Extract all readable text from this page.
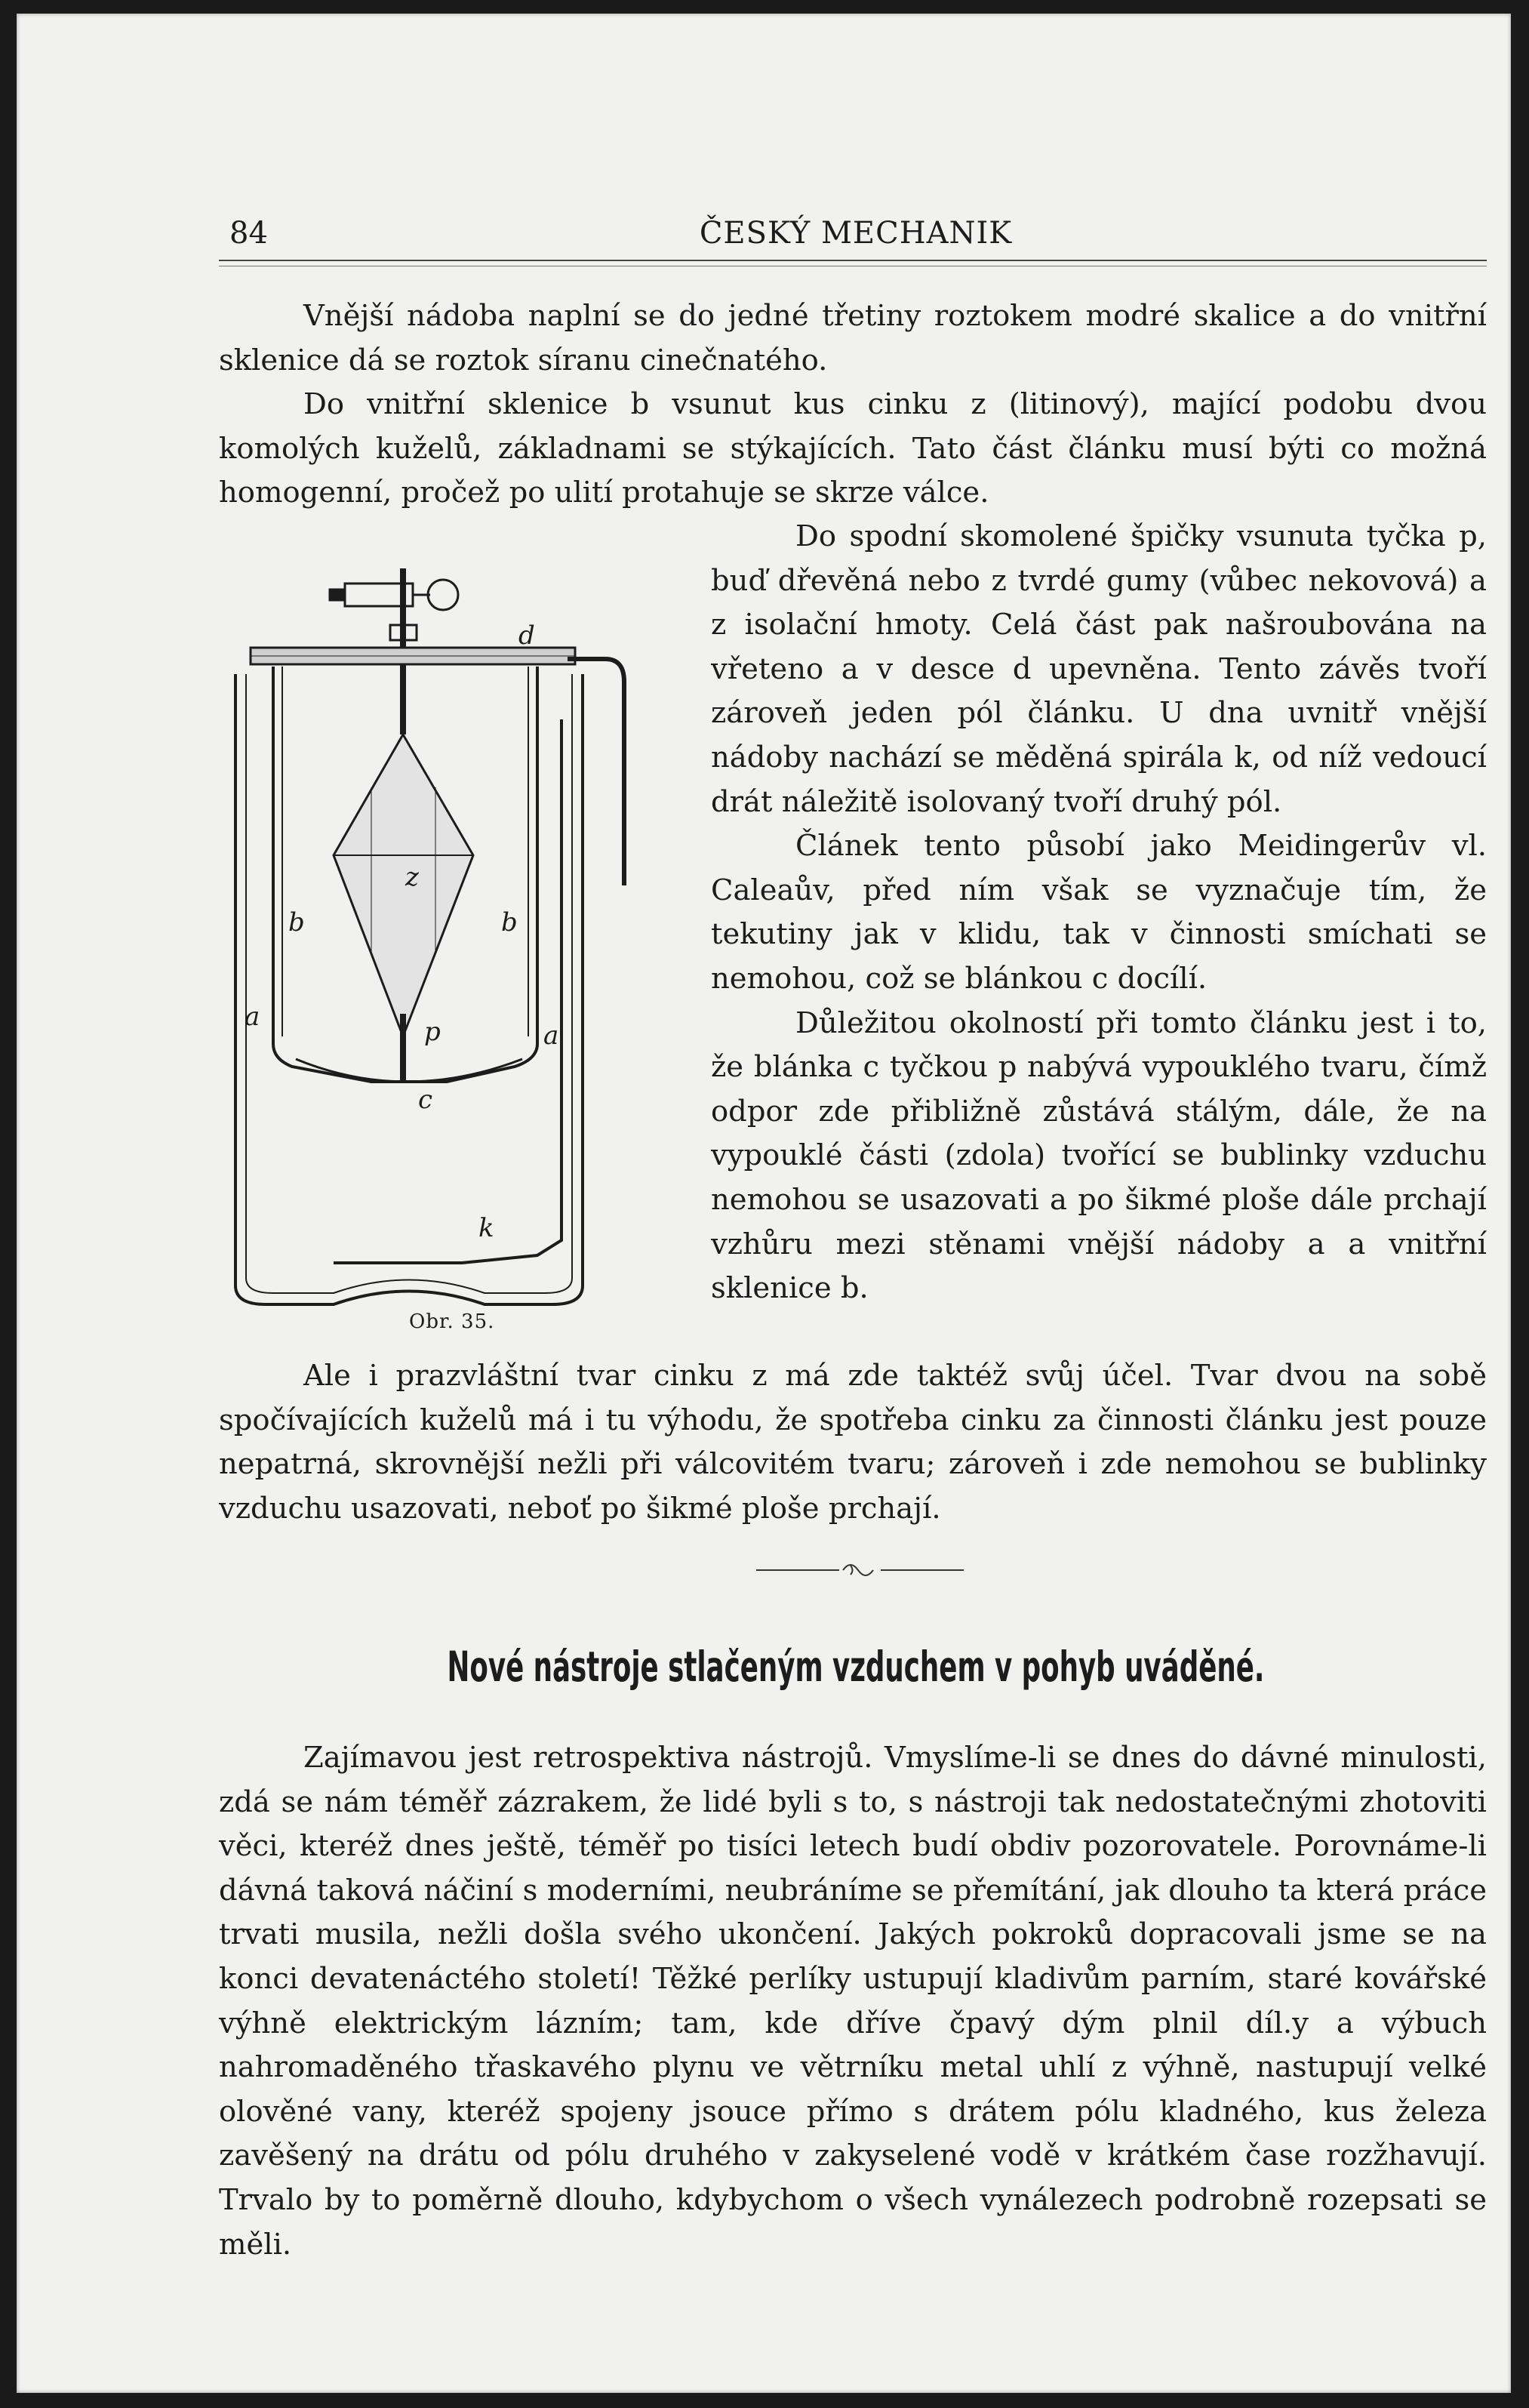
84	ČESKÝ MECHANIK

Vnější nádoba naplní se do jedné třetiny roztokem modré skalice a do vnitřní sklenice dá se roztok síranu cinečnatého.

Do vnitřní sklenice b vsunut kus cinku z (litinový), mající podobu dvou komolých kuželů, základnami se stýkajících. Tato část článku musí býti co možná homogenní, pročež po ulití protahuje se skrze válce.

d
z
b	b
a
a
p
c
k
Obr. 35.

Do spodní skomolené špičky vsunuta tyčka p, buď dřevěná nebo z tvrdé gumy (vůbec nekovová) a z isolační hmoty. Celá část pak našroubována na vřeteno a v desce d upevněna. Tento závěs tvoří zároveň jeden pól článku. U dna uvnitř vnější nádoby nachází se měděná spirála k, od níž vedoucí drát náležitě isolovaný tvoří druhý pól.

Článek tento působí jako Meidingerův vl. Caleaův, před ním však se vyznačuje tím, že tekutiny jak v klidu, tak v činnosti smíchati se nemohou, což se blánkou c docílí.

Důležitou okolností při tomto článku jest i to, že blánka c tyčkou p nabývá vypouklého tvaru, čímž odpor zde přibližně zůstává stálým, dále, že na vypouklé části (zdola) tvořící se bublinky vzduchu nemohou se usazovati a po šikmé ploše dále prchají vzhůru mezi stěnami vnější nádoby a a vnitřní sklenice b.

Ale i prazvláštní tvar cinku z má zde taktéž svůj účel. Tvar dvou na sobě spočívajících kuželů má i tu výhodu, že spotřeba cinku za činnosti článku jest pouze nepatrná, skrovnější nežli při válcovitém tvaru; zároveň i zde nemohou se bublinky vzduchu usazovati, neboť po šikmé ploše prchají.

Nové nástroje stlačeným vzduchem v pohyb uváděné.

Zajímavou jest retrospektiva nástrojů. Vmyslíme-li se dnes do dávné minulosti, zdá se nám téměř zázrakem, že lidé byli s to, s nástroji tak nedostatečnými zhotoviti věci, kteréž dnes ještě, téměř po tisíci letech budí obdiv pozorovatele. Porovnáme-li dávná taková náčiní s moderními, neubráníme se přemítání, jak dlouho ta která práce trvati musila, nežli došla svého ukončení. Jakých pokroků dopracovali jsme se na konci devatenáctého století! Těžké perlíky ustupují kladivům parním, staré kovářské výhně elektrickým lázním; tam, kde dříve čpavý dým plnil díl.y a výbuch nahromaděného třaskavého plynu ve větrníku metal uhlí z výhně, nastupují velké olověné vany, kteréž spojeny jsouce přímo s drátem pólu kladného, kus železa zavěšený na drátu od pólu druhého v zakyselené vodě v krátkém čase rozžhavují. Trvalo by to poměrně dlouho, kdybychom o všech vynálezech podrobně rozepsati se měli.
